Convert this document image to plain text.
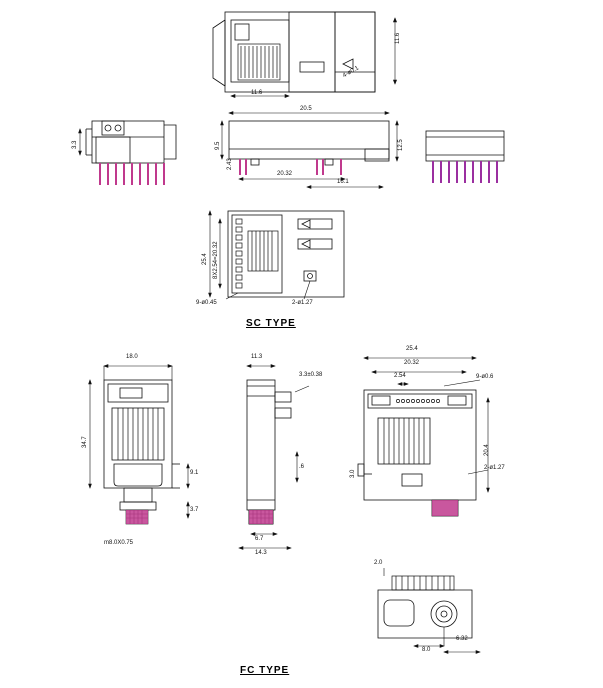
11.6
11.6
4-ø0.1
3.3
20.5
9.5	12.5
2.43
20.32
16.1
25.4 8X2.54=20.32
9-ø0.45	2-ø1.27
SC TYPE
18.0
34.7
9.1
3.7
m8.0X0.75
11.3
3.3±0.38
.6
6.7
14.3
25.4
20.32
2.54	9-ø0.6
20.4
2-ø1.27
3.0
2.0
8.0
6.32
FC TYPE
